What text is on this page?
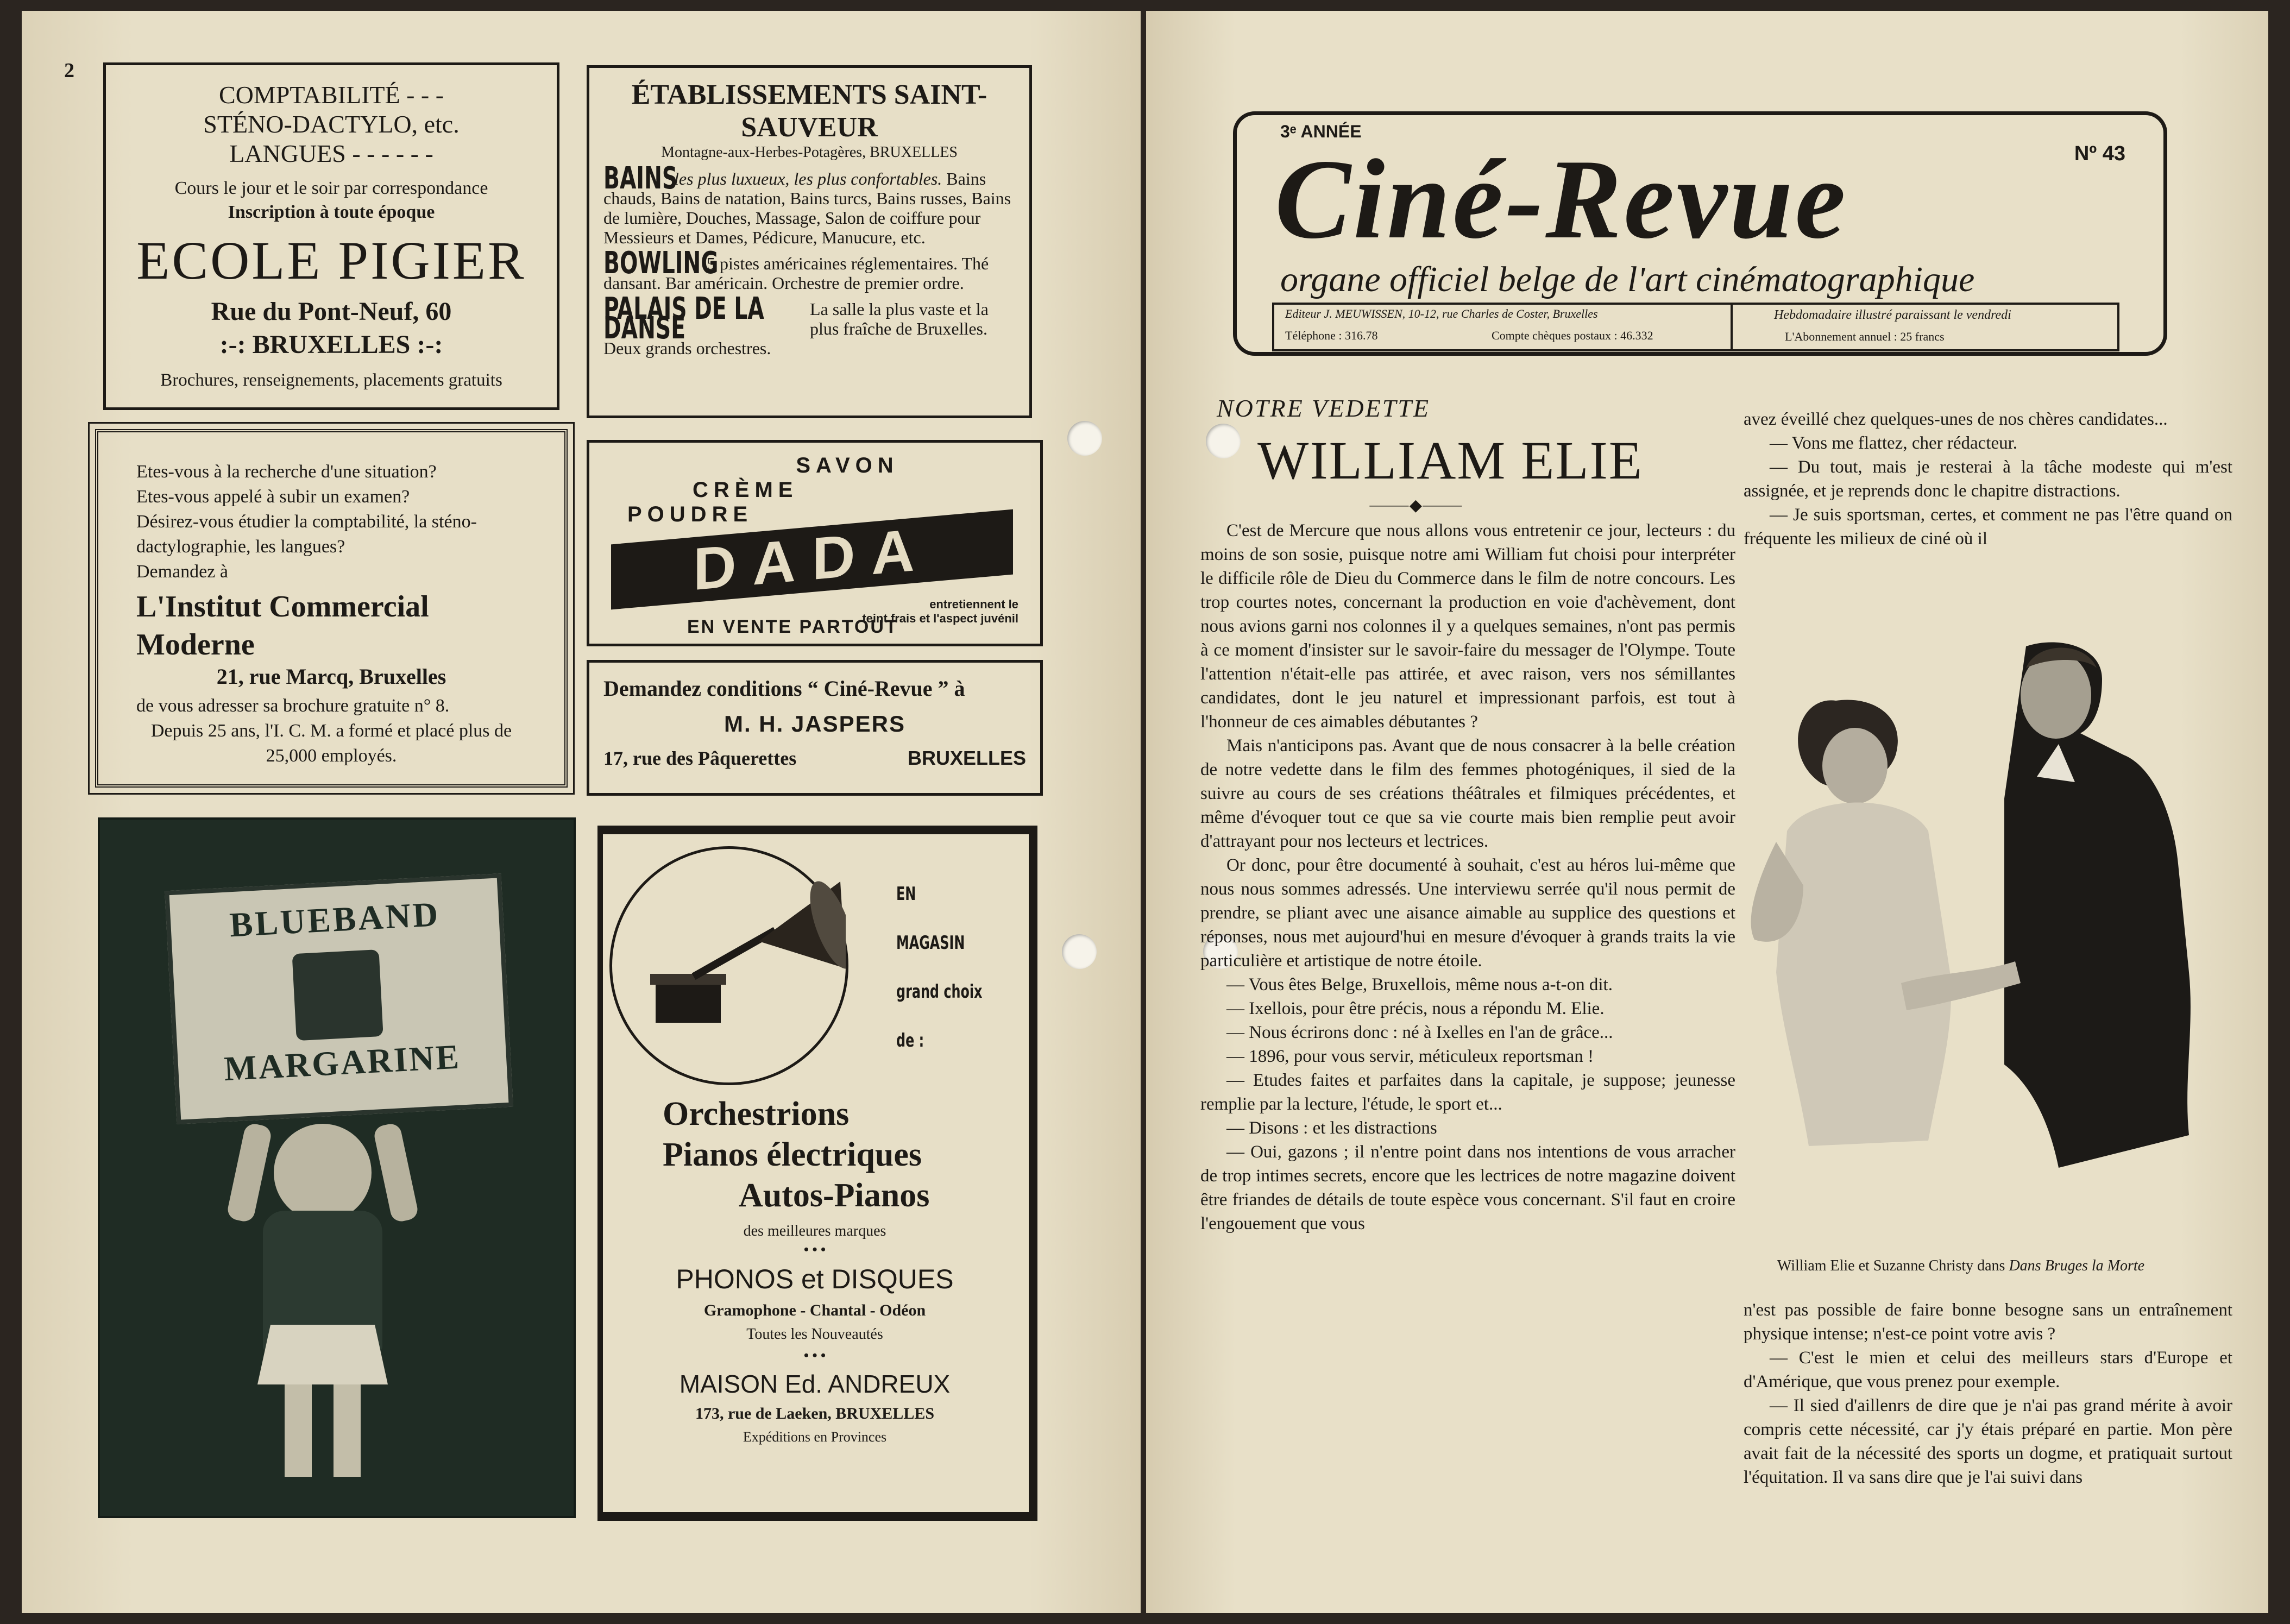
2
COMPTABILITÉ - - -
STÉNO-DACTYLO, etc.
LANGUES - - - - - -
Cours le jour et le soir par correspondance
Inscription à toute époque
ECOLE PIGIER
Rue du Pont-Neuf, 60
:-: BRUXELLES :-:
Brochures, renseignements, placements gratuits
ÉTABLISSEMENTS SAINT-SAUVEUR
Montagne-aux-Herbes-Potagères, BRUXELLES
BAINS
les plus luxueux, les plus confortables. Bains chauds, Bains de natation, Bains turcs, Bains russes, Bains de lumière, Douches, Massage, Salon de coiffure pour Messieurs et Dames, Pédicure, Manucure, etc.
BOWLING
5 pistes américaines réglementaires. Thé dansant. Bar américain. Orchestre de premier ordre.
PALAIS DE LA DANSE
La salle la plus vaste et la plus fraîche de Bruxelles. Deux grands orchestres.
Etes-vous à la recherche d'une situation?
Etes-vous appelé à subir un examen?
Désirez-vous étudier la comptabilité, la sténo-dactylographie, les langues?
Demandez à
L'Institut Commercial Moderne
21, rue Marcq, Bruxelles
de vous adresser sa brochure gratuite n° 8.
Depuis 25 ans, l'I. C. M. a formé et placé plus de 25,000 employés.
SAVON
CRÈME
POUDRE
DADA
entretiennent le
teint frais et l'aspect juvénil
EN VENTE PARTOUT
Demandez conditions “ Ciné-Revue ” à
M. H. JASPERS
17, rue des Pâquerettes	BRUXELLES
BLUEBAND
MARGARINE
EN
MAGASIN
grand choix
de :
Orchestrions
Pianos électriques
Autos-Pianos
des meilleures marques
• • •
PHONOS et DISQUES
Gramophone - Chantal - Odéon
Toutes les Nouveautés
• • •
MAISON Ed. ANDREUX
173, rue de Laeken, BRUXELLES
Expéditions en Provinces
3ᵉ ANNÉE
Nº 43
Ciné-Revue
organe officiel belge de l'art cinématographique
Editeur J. MEUWISSEN, 10-12, rue Charles de Coster, Bruxelles
Téléphone : 316.78	Compte chèques postaux : 46.332
Hebdomadaire illustré paraissant le vendredi
L'Abonnement annuel : 25 francs
NOTRE VEDETTE
WILLIAM ELIE
⸻◆⸻

C'est de Mercure que nous allons vous entretenir ce jour, lecteurs : du moins de son sosie, puisque notre ami William fut choisi pour interpréter le difficile rôle de Dieu du Commerce dans le film de notre concours. Les trop courtes notes, concernant la production en voie d'achèvement, dont nous avions garni nos colonnes il y a quelques semaines, n'ont pas permis à ce moment d'insister sur le savoir-faire du messager de l'Olympe. Toute l'attention n'était-elle pas attirée, et avec raison, vers nos sémillantes candidates, dont le jeu naturel et impressionant parfois, est tout à l'honneur de ces aimables débutantes ?

Mais n'anticipons pas. Avant que de nous consacrer à la belle création de notre vedette dans le film des femmes photogéniques, il sied de la suivre au cours de ses créations théâtrales et filmiques précédentes, et même d'évoquer tout ce que sa vie courte mais bien remplie peut avoir d'attrayant pour nos lecteurs et lectrices.

Or donc, pour être documenté à souhait, c'est au héros lui-même que nous nous sommes adressés. Une interviewu serrée qu'il nous permit de prendre, se pliant avec une aisance aimable au supplice des questions et réponses, nous met aujourd'hui en mesure d'évoquer à grands traits la vie particulière et artistique de notre étoile.

— Vous êtes Belge, Bruxellois, même nous a-t-on dit.

— Ixellois, pour être précis, nous a répondu M. Elie.

— Nous écrirons donc : né à Ixelles en l'an de grâce...

— 1896, pour vous servir, méticuleux reportsman !

— Etudes faites et parfaites dans la capitale, je suppose; jeunesse remplie par la lecture, l'étude, le sport et...

— Disons : et les distractions

— Oui, gazons ; il n'entre point dans nos intentions de vous arracher de trop intimes secrets, encore que les lectrices de notre magazine doivent être friandes de détails de toute espèce vous concernant. S'il faut en croire l'engouement que vous

avez éveillé chez quelques-unes de nos chères candidates...

— Vons me flattez, cher rédacteur.

— Du tout, mais je resterai à la tâche modeste qui m'est assignée, et je reprends donc le chapitre distractions.

— Je suis sportsman, certes, et comment ne pas l'être quand on fréquente les milieux de ciné où il

William Elie et Suzanne Christy dans Dans Bruges la Morte

n'est pas possible de faire bonne besogne sans un entraînement physique intense; n'est-ce point votre avis ?

— C'est le mien et celui des meilleurs stars d'Europe et d'Amérique, que vous prenez pour exemple.

— Il sied d'aillenrs de dire que je n'ai pas grand mérite à avoir compris cette nécessité, car j'y étais préparé en partie. Mon père avait fait de la nécessité des sports un dogme, et pratiquait surtout l'équitation. Il va sans dire que je l'ai suivi dans
